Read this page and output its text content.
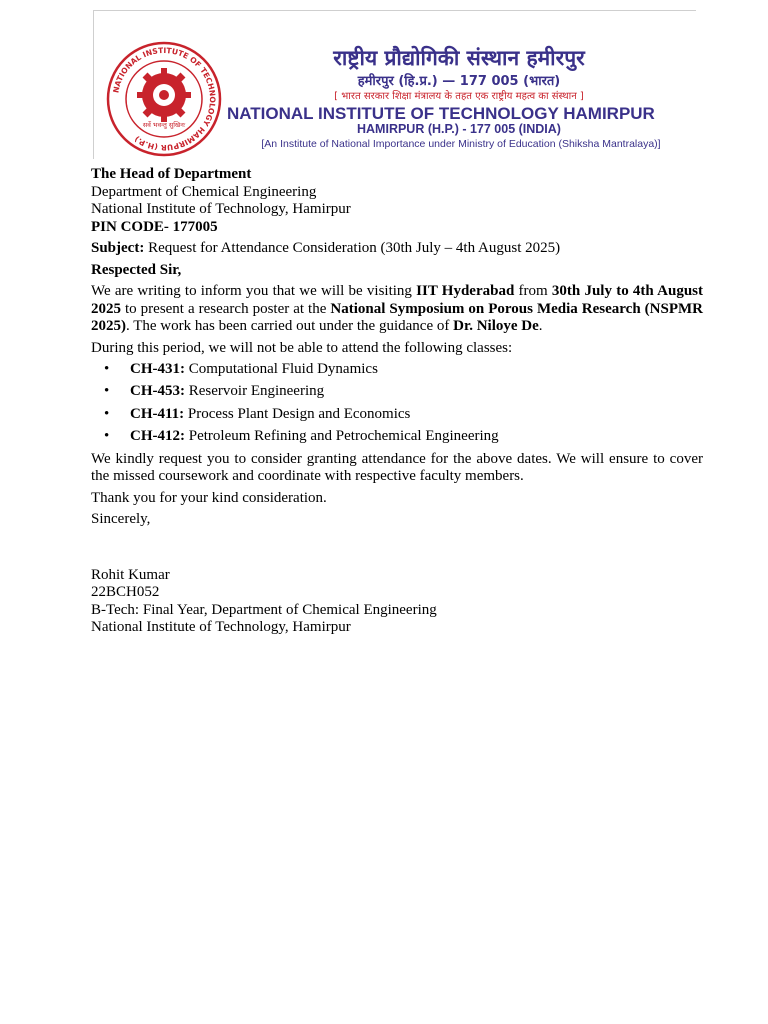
NATIONAL INSTITUTE OF TECHNOLOGY HAMIRPUR (H.P.)
सर्वे भवन्तु सुखिनः
राष्ट्रीय प्रौद्योगिकी संस्थान हमीरपुर
हमीरपुर (हि.प्र.) — 177 005 (भारत)
[ भारत सरकार शिक्षा मंत्रालय के तहत एक राष्ट्रीय महत्व का संस्थान ]
NATIONAL INSTITUTE OF TECHNOLOGY HAMIRPUR
HAMIRPUR (H.P.) - 177 005 (INDIA)
[An Institute of National Importance under Ministry of Education (Shiksha Mantralaya)]
The Head of Department
Department of Chemical Engineering
National Institute of Technology, Hamirpur
PIN CODE- 177005
Subject: Request for Attendance Consideration (30th July – 4th August 2025)
Respected Sir,
We are writing to inform you that we will be visiting IIT Hyderabad from 30th July to 4th August 2025 to present a research poster at the National Symposium on Porous Media Research (NSPMR 2025). The work has been carried out under the guidance of Dr. Niloye De.
During this period, we will not be able to attend the following classes:
• CH-431: Computational Fluid Dynamics
• CH-453: Reservoir Engineering
• CH-411: Process Plant Design and Economics
• CH-412: Petroleum Refining and Petrochemical Engineering
We kindly request you to consider granting attendance for the above dates. We will ensure to cover the missed coursework and coordinate with respective faculty members.
Thank you for your kind consideration.
Sincerely,
Rohit Kumar
22BCH052
B-Tech: Final Year, Department of Chemical Engineering
National Institute of Technology, Hamirpur
